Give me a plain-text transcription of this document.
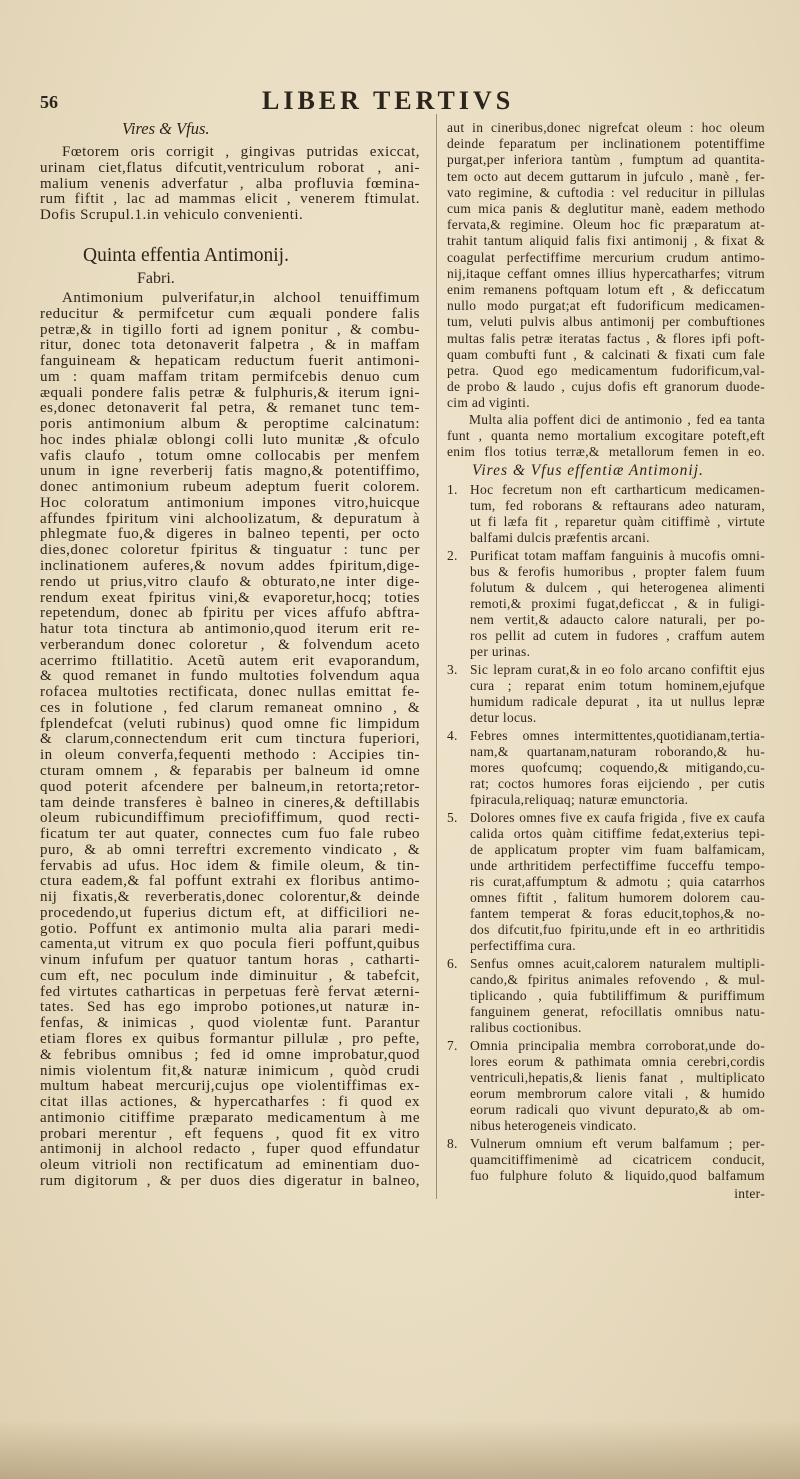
56	LIBER TERTIVS
Vires & Vfus.
Fœtorem oris corrigit , gingivas putridas exiccat,
urinam ciet,flatus difcutit,ventriculum roborat , ani-
malium venenis adverfatur , alba profluvia fœmina-
rum fiftit , lac ad mammas elicit , venerem ftimulat.
Dofis Scrupul.1.in vehiculo convenienti.
Quinta effentia Antimonij.
Fabri.
Antimonium pulverifatur,in alchool tenuiffimum
reducitur & permifcetur cum æquali pondere falis
petræ,& in tigillo forti ad ignem ponitur , & combu-
ritur, donec tota detonaverit falpetra , & in maffam
fanguineam & hepaticam reductum fuerit antimoni-
um : quam maffam tritam permifcebis denuo cum
æquali pondere falis petræ & fulphuris,& iterum igni-
es,donec detonaverit fal petra, & remanet tunc tem-
poris antimonium album & peroptime calcinatum:
hoc indes phialæ oblongi colli luto munitæ ,& ofculo
vafis claufo , totum omne collocabis per menfem
unum in igne reverberij fatis magno,& potentiffimo,
donec antimonium rubeum adeptum fuerit colorem.
Hoc coloratum antimonium impones vitro,huicque
affundes fpiritum vini alchoolizatum, & depuratum à
phlegmate fuo,& digeres in balneo tepenti, per octo
dies,donec coloretur fpiritus & tinguatur : tunc per
inclinationem auferes,& novum addes fpiritum,dige-
rendo ut prius,vitro claufo & obturato,ne inter dige-
rendum exeat fpiritus vini,& evaporetur,hocq; toties
repetendum, donec ab fpiritu per vices affufo abftra-
hatur tota tinctura ab antimonio,quod iterum erit re-
verberandum donec coloretur , & folvendum aceto
acerrimo ftillatitio. Acetũ autem erit evaporandum,
& quod remanet in fundo multoties folvendum aqua
rofacea multoties rectificata, donec nullas emittat fe-
ces in folutione , fed clarum remaneat omnino , &
fplendefcat (veluti rubinus) quod omne fic limpidum
& clarum,connectendum erit cum tinctura fuperiori,
in oleum converfa,fequenti methodo : Accipies tin-
cturam omnem , & feparabis per balneum id omne
quod poterit afcendere per balneum,in retorta;retor-
tam deinde transferes è balneo in cineres,& deftillabis
oleum rubicundiffimum preciofiffimum, quod recti-
ficatum ter aut quater, connectes cum fuo fale rubeo
puro, & ab omni terreftri excremento vindicato , &
fervabis ad ufus. Hoc idem & fimile oleum, & tin-
ctura eadem,& fal poffunt extrahi ex floribus antimo-
nij fixatis,& reverberatis,donec colorentur,& deinde
procedendo,ut fuperius dictum eft, at difficiliori ne-
gotio. Poffunt ex antimonio multa alia parari medi-
camenta,ut vitrum ex quo pocula fieri poffunt,quibus
vinum infufum per quatuor tantum horas , catharti-
cum eft, nec poculum inde diminuitur , & tabefcit,
fed virtutes catharticas in perpetuas ferè fervat æterni-
tates. Sed has ego improbo potiones,ut naturæ in-
fenfas, & inimicas , quod violentæ funt. Parantur
etiam flores ex quibus formantur pillulæ , pro pefte,
& febribus omnibus ; fed id omne improbatur,quod
nimis violentum fit,& naturæ inimicum , quòd crudi
multum habeat mercurij,cujus ope violentiffimas ex-
citat illas actiones, & hypercatharfes : fi quod ex
antimonio citiffime præparato medicamentum à me
probari merentur , eft fequens , quod fit ex vitro
antimonij in alchool redacto , fuper quod effundatur
oleum vitrioli non rectificatum ad eminentiam duo-
rum digitorum , & per duos dies digeratur in balneo,
aut in cineribus,donec nigrefcat oleum : hoc oleum
deinde feparatum per inclinationem potentiffime
purgat,per inferiora tantùm , fumptum ad quantita-
tem octo aut decem guttarum in jufculo , manè , fer-
vato regimine, & cuftodia : vel reducitur in pillulas
cum mica panis & deglutitur manè, eadem methodo
fervata,& regimine. Oleum hoc fic præparatum at-
trahit tantum aliquid falis fixi antimonij , & fixat &
coagulat perfectiffime mercurium crudum antimo-
nij,itaque ceffant omnes illius hypercatharfes; vitrum
enim remanens poftquam lotum eft , & deficcatum
nullo modo purgat;at eft fudorificum medicamen-
tum, veluti pulvis albus antimonij per combuftiones
multas falis petræ iteratas factus , & flores ipfi poft-
quam combufti funt , & calcinati & fixati cum fale
petra. Quod ego medicamentum fudorificum,val-
de probo & laudo , cujus dofis eft granorum duode-
cim ad viginti.
Multa alia poffent dici de antimonio , fed ea tanta
funt , quanta nemo mortalium excogitare poteft,eft
enim flos totius terræ,& metallorum femen in eo.
Vires & Vfus effentiæ Antimonij.
1. Hoc fecretum non eft cartharticum medicamen-
tum, fed roborans & reftaurans adeo naturam,
ut fi læfa fit , reparetur quàm citiffimè , virtute
balfami dulcis præfentis arcani.
2. Purificat totam maffam fanguinis à mucofis omni-
bus & ferofis humoribus , propter falem fuum
folutum & dulcem , qui heterogenea alimenti
remoti,& proximi fugat,deficcat , & in fuligi-
nem vertit,& adaucto calore naturali, per po-
ros pellit ad cutem in fudores , craffum autem
per urinas.
3. Sic lepram curat,& in eo folo arcano confiftit ejus
cura ; reparat enim totum hominem,ejufque
humidum radicale depurat , ita ut nullus lepræ
detur locus.
4. Febres omnes intermittentes,quotidianam,tertia-
nam,& quartanam,naturam roborando,& hu-
mores quofcumq; coquendo,& mitigando,cu-
rat; coctos humores foras eijciendo , per cutis
fpiracula,reliquaq; naturæ emunctoria.
5. Dolores omnes five ex caufa frigida , five ex caufa
calida ortos quàm citiffime fedat,exterius tepi-
de applicatum propter vim fuam balfamicam,
unde arthritidem perfectiffime fucceffu tempo-
ris curat,affumptum & admotu ; quia catarrhos
omnes fiftit , falitum humorem dolorem cau-
fantem temperat & foras educit,tophos,& no-
dos difcutit,fuo fpiritu,unde eft in eo arthritidis
perfectiffima cura.
6. Senfus omnes acuit,calorem naturalem multipli-
cando,& fpiritus animales refovendo , & mul-
tiplicando , quia fubtiliffimum & puriffimum
fanguinem generat, refocillatis omnibus natu-
ralibus coctionibus.
7. Omnia principalia membra corroborat,unde do-
lores eorum & pathimata omnia cerebri,cordis
ventriculi,hepatis,& lienis fanat , multiplicato
eorum membrorum calore vitali , & humido
eorum radicali quo vivunt depurato,& ab om-
nibus heterogeneis vindicato.
8. Vulnerum omnium eft verum balfamum ; per-
quamcitiffimenimè ad cicatricem conducit,
fuo fulphure foluto & liquido,quod balfamum
inter-
